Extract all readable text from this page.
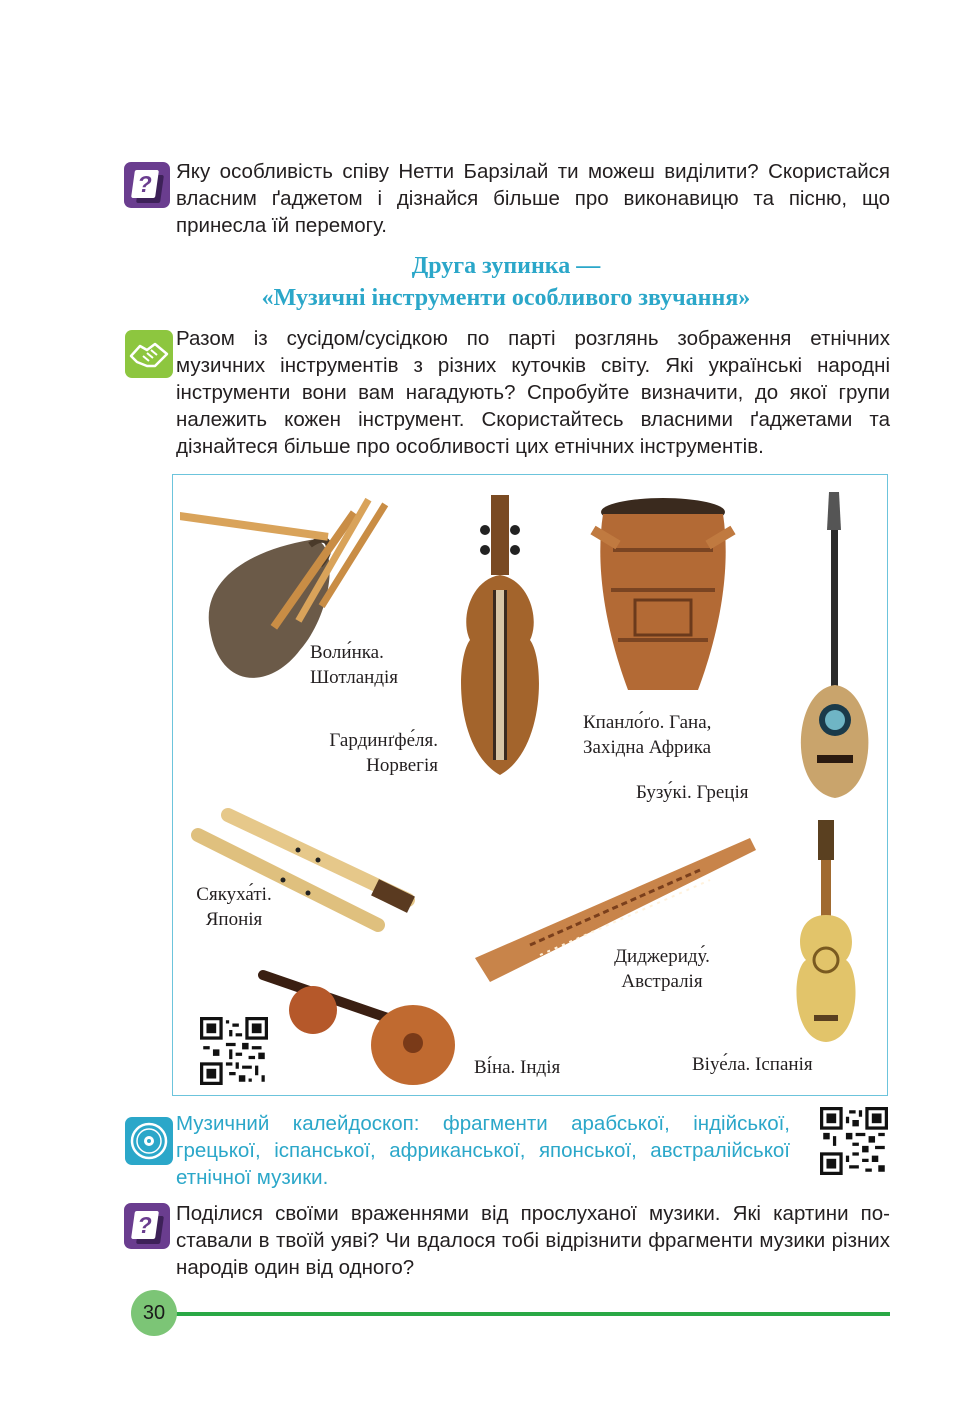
? Яку особливість співу Нетти Барзілай ти можеш виділити? Скористайся власним ґаджетом і дізнайся більше про виконавицю та пісню, що принесла їй перемогу.

Друга зупинка —

«Музичні інструменти особливого звучання»

Разом із сусідом/сусідкою по парті розглянь зображення етнічних музичних інструментів з різних куточків світу. Які українські народні інструменти вони вам нагадують? Спробуйте визначити, до якої групи належить кожен інструмент. Скористайтесь власними ґаджетами та дізнайтеся більше про особливості цих етнічних інструментів.

Воли́нка.
Шотландія
Гардинґфе́ля.
Норвегія
Кпанло́ґо. Гана,
Західна Африка
Бузу́кі. Греція
Сякуха́ті.
Японія
Диджериду́.
Австралія
Ві́на. Індія	Віуе́ла. Іспанія

Музичний калейдоскоп: фрагменти арабської, індійської, грецької, іспанської, африканської, японської, австралійської етнічної музики.

? Поділися своїми враженнями від прослуханої музики. Які картини поставали в твоїй уяві? Чи вдалося тобі відрізнити фрагменти музики різних народів один від одного?

30
